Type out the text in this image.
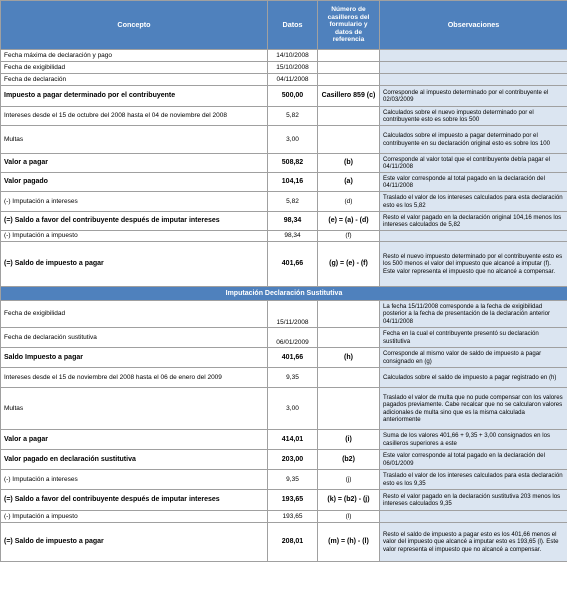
Concepto	Datos	Número de casilleros del formulario y datos de referencia	Observaciones
Fecha máxima de declaración y pago	14/10/2008		
Fecha de exigibilidad	15/10/2008		
Fecha de declaración	04/11/2008		
Impuesto a pagar determinado por el contribuyente	500,00	Casillero 859 (c)	Corresponde al impuesto determinado por el contribuyente el 02/03/2009
Intereses desde el 15 de octubre del 2008 hasta el 04 de noviembre del 2008	5,82		Calculados sobre el nuevo impuesto determinado por el contribuyente esto es sobre los 500
Multas	3,00		Calculados sobre el impuesto a pagar determinado por el contribuyente en su declaración original esto es sobre los 100
Valor a pagar	508,82	(b)	Corresponde al valor total que el contribuyente debía pagar el 04/11/2008
Valor pagado	104,16	(a)	Este valor corresponde al total pagado en la declaración del 04/11/2008
(-) Imputación a intereses	5,82	(d)	Traslado el valor de los intereses calculados para esta declaración esto es los 5,82
(=) Saldo a favor del contribuyente después de imputar intereses	98,34	(e) = (a) - (d)	Resto el valor pagado en la declaración original 104,16 menos los intereses calculados de 5,82
(-) Imputación a impuesto	98,34	(f)	
(=) Saldo de impuesto a pagar	401,66	(g) = (e) - (f)	Resto el nuevo impuesto determinado por el contribuyente esto es los 500 menos el valor del impuesto que alcancé a imputar (f). Este valor representa el impuesto que no alcancé a compensar.
Imputación Declaración Sustitutiva			
Fecha de exigibilidad	15/11/2008		La fecha 15/11/2008 corresponde a la fecha de exigibilidad posterior a la fecha de presentación de la declaración anterior 04/11/2008
Fecha de declaración sustitutiva	06/01/2009		Fecha en la cual el contribuyente presentó su declaración sustitutiva
Saldo Impuesto a pagar	401,66	(h)	Corresponde al mismo valor de saldo de impuesto a pagar consignado en (g)
Intereses desde el 15 de noviembre del 2008 hasta el 06 de enero del 2009	9,35		Calculados sobre el saldo de impuesto a pagar registrado en (h)
Multas	3,00		Traslado el valor de multa que no pude compensar con los valores pagados previamente. Cabe recalcar que no se calcularon valores adicionales de multa sino que es la misma calculada anteriormente
Valor a pagar	414,01	(i)	Suma de los valores 401,66 + 9,35 + 3,00 consignados en los casilleros superiores a este
Valor pagado en declaración sustitutiva	203,00	(b2)	Este valor corresponde al total pagado en la declaración del 06/01/2009
(-) Imputación a intereses	9,35	(j)	Traslado el valor de los intereses calculados para esta declaración esto es los 9,35
(=) Saldo a favor del contribuyente después de imputar intereses	193,65	(k) = (b2) - (j)	Resto el valor pagado en la declaración sustitutiva 203 menos los intereses calculados 9,35
(-) Imputación a impuesto	193,65	(l)	
(=) Saldo de impuesto a pagar	208,01	(m) = (h) - (l)	Resto el saldo de impuesto a pagar esto es los 401,66 menos el valor del impuesto que alcancé a imputar esto es 193,65 (l). Este valor representa el impuesto que no alcancé a compensar.
